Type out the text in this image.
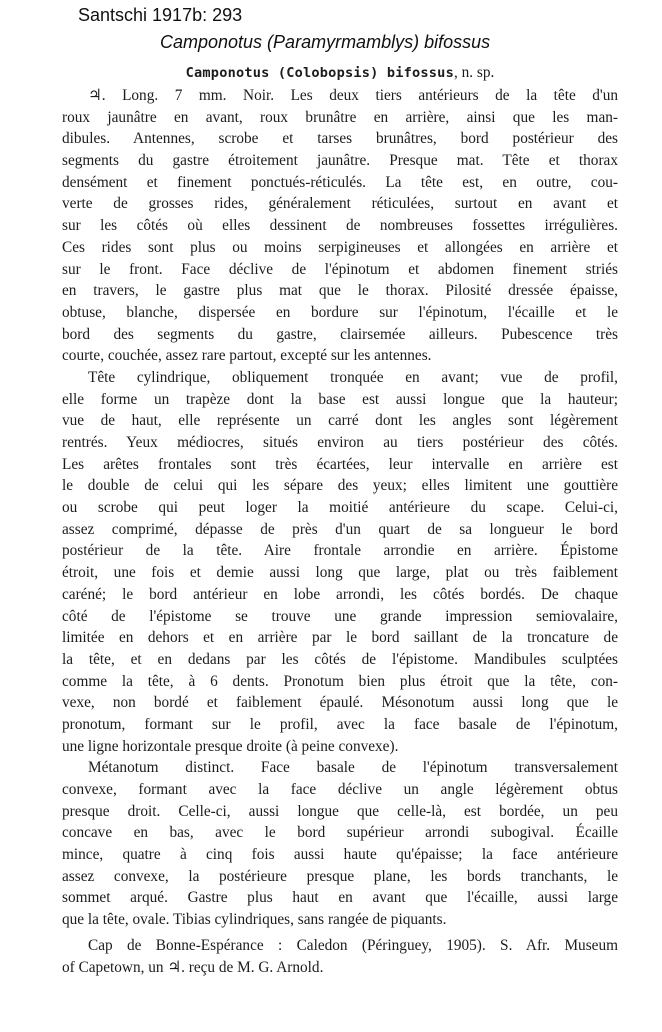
Santschi 1917b: 293
Camponotus (Paramyrmamblys) bifossus
Camponotus (Colobopsis) bifossus, n. sp.
♃. Long. 7 mm. Noir. Les deux tiers antérieurs de la tête d'un
roux jaunâtre en avant, roux brunâtre en arrière, ainsi que les man-
dibules. Antennes, scrobe et tarses brunâtres, bord postérieur des
segments du gastre étroitement jaunâtre. Presque mat. Tête et thorax
densément et finement ponctués-réticulés. La tête est, en outre, cou-
verte de grosses rides, généralement réticulées, surtout en avant et
sur les côtés où elles dessinent de nombreuses fossettes irrégulières.
Ces rides sont plus ou moins serpigineuses et allongées en arrière et
sur le front. Face déclive de l'épinotum et abdomen finement striés
en travers, le gastre plus mat que le thorax. Pilosité dressée épaisse,
obtuse, blanche, dispersée en bordure sur l'épinotum, l'écaille et le
bord des segments du gastre, clairsemée ailleurs. Pubescence très
courte, couchée, assez rare partout, excepté sur les antennes.
Tête cylindrique, obliquement tronquée en avant; vue de profil,
elle forme un trapèze dont la base est aussi longue que la hauteur;
vue de haut, elle représente un carré dont les angles sont légèrement
rentrés. Yeux médiocres, situés environ au tiers postérieur des côtés.
Les arêtes frontales sont très écartées, leur intervalle en arrière est
le double de celui qui les sépare des yeux; elles limitent une gouttière
ou scrobe qui peut loger la moitié antérieure du scape. Celui-ci,
assez comprimé, dépasse de près d'un quart de sa longueur le bord
postérieur de la tête. Aire frontale arrondie en arrière. Épistome
étroit, une fois et demie aussi long que large, plat ou très faiblement
caréné; le bord antérieur en lobe arrondi, les côtés bordés. De chaque
côté de l'épistome se trouve une grande impression semiovalaire,
limitée en dehors et en arrière par le bord saillant de la troncature de
la tête, et en dedans par les côtés de l'épistome. Mandibules sculptées
comme la tête, à 6 dents. Pronotum bien plus étroit que la tête, con-
vexe, non bordé et faiblement épaulé. Mésonotum aussi long que le
pronotum, formant sur le profil, avec la face basale de l'épinotum,
une ligne horizontale presque droite (à peine convexe).
Métanotum distinct. Face basale de l'épinotum transversalement
convexe, formant avec la face déclive un angle légèrement obtus
presque droit. Celle-ci, aussi longue que celle-là, est bordée, un peu
concave en bas, avec le bord supérieur arrondi subogival. Écaille
mince, quatre à cinq fois aussi haute qu'épaisse; la face antérieure
assez convexe, la postérieure presque plane, les bords tranchants, le
sommet arqué. Gastre plus haut en avant que l'écaille, aussi large
que la tête, ovale. Tibias cylindriques, sans rangée de piquants.
Cap de Bonne-Espérance : Caledon (Péringuey, 1905). S. Afr. Museum
of Capetown, un ♃. reçu de M. G. Arnold.
